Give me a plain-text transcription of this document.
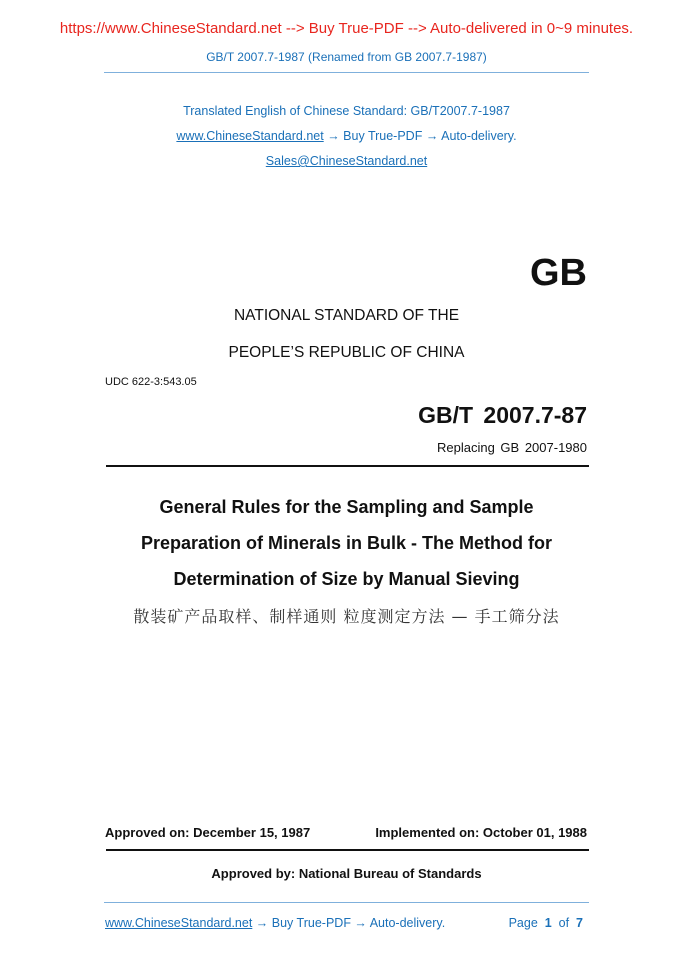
https://www.ChineseStandard.net --> Buy True-PDF --> Auto-delivered in 0~9 minutes.
GB/T 2007.7-1987 (Renamed from GB 2007.7-1987)
Translated English of Chinese Standard: GB/T2007.7-1987
www.ChineseStandard.net → Buy True-PDF → Auto-delivery.
Sales@ChineseStandard.net
GB
NATIONAL STANDARD OF THE
PEOPLE’S REPUBLIC OF CHINA
UDC 622-3:543.05
GB/T 2007.7-87
Replacing GB 2007-1980
General Rules for the Sampling and Sample
Preparation of Minerals in Bulk - The Method for
Determination of Size by Manual Sieving
散装矿产品取样、制样通则 粒度测定方法 — 手工筛分法
Approved on: December 15, 1987	Implemented on: October 01, 1988
Approved by: National Bureau of Standards
www.ChineseStandard.net → Buy True-PDF → Auto-delivery.	Page 1 of 7
